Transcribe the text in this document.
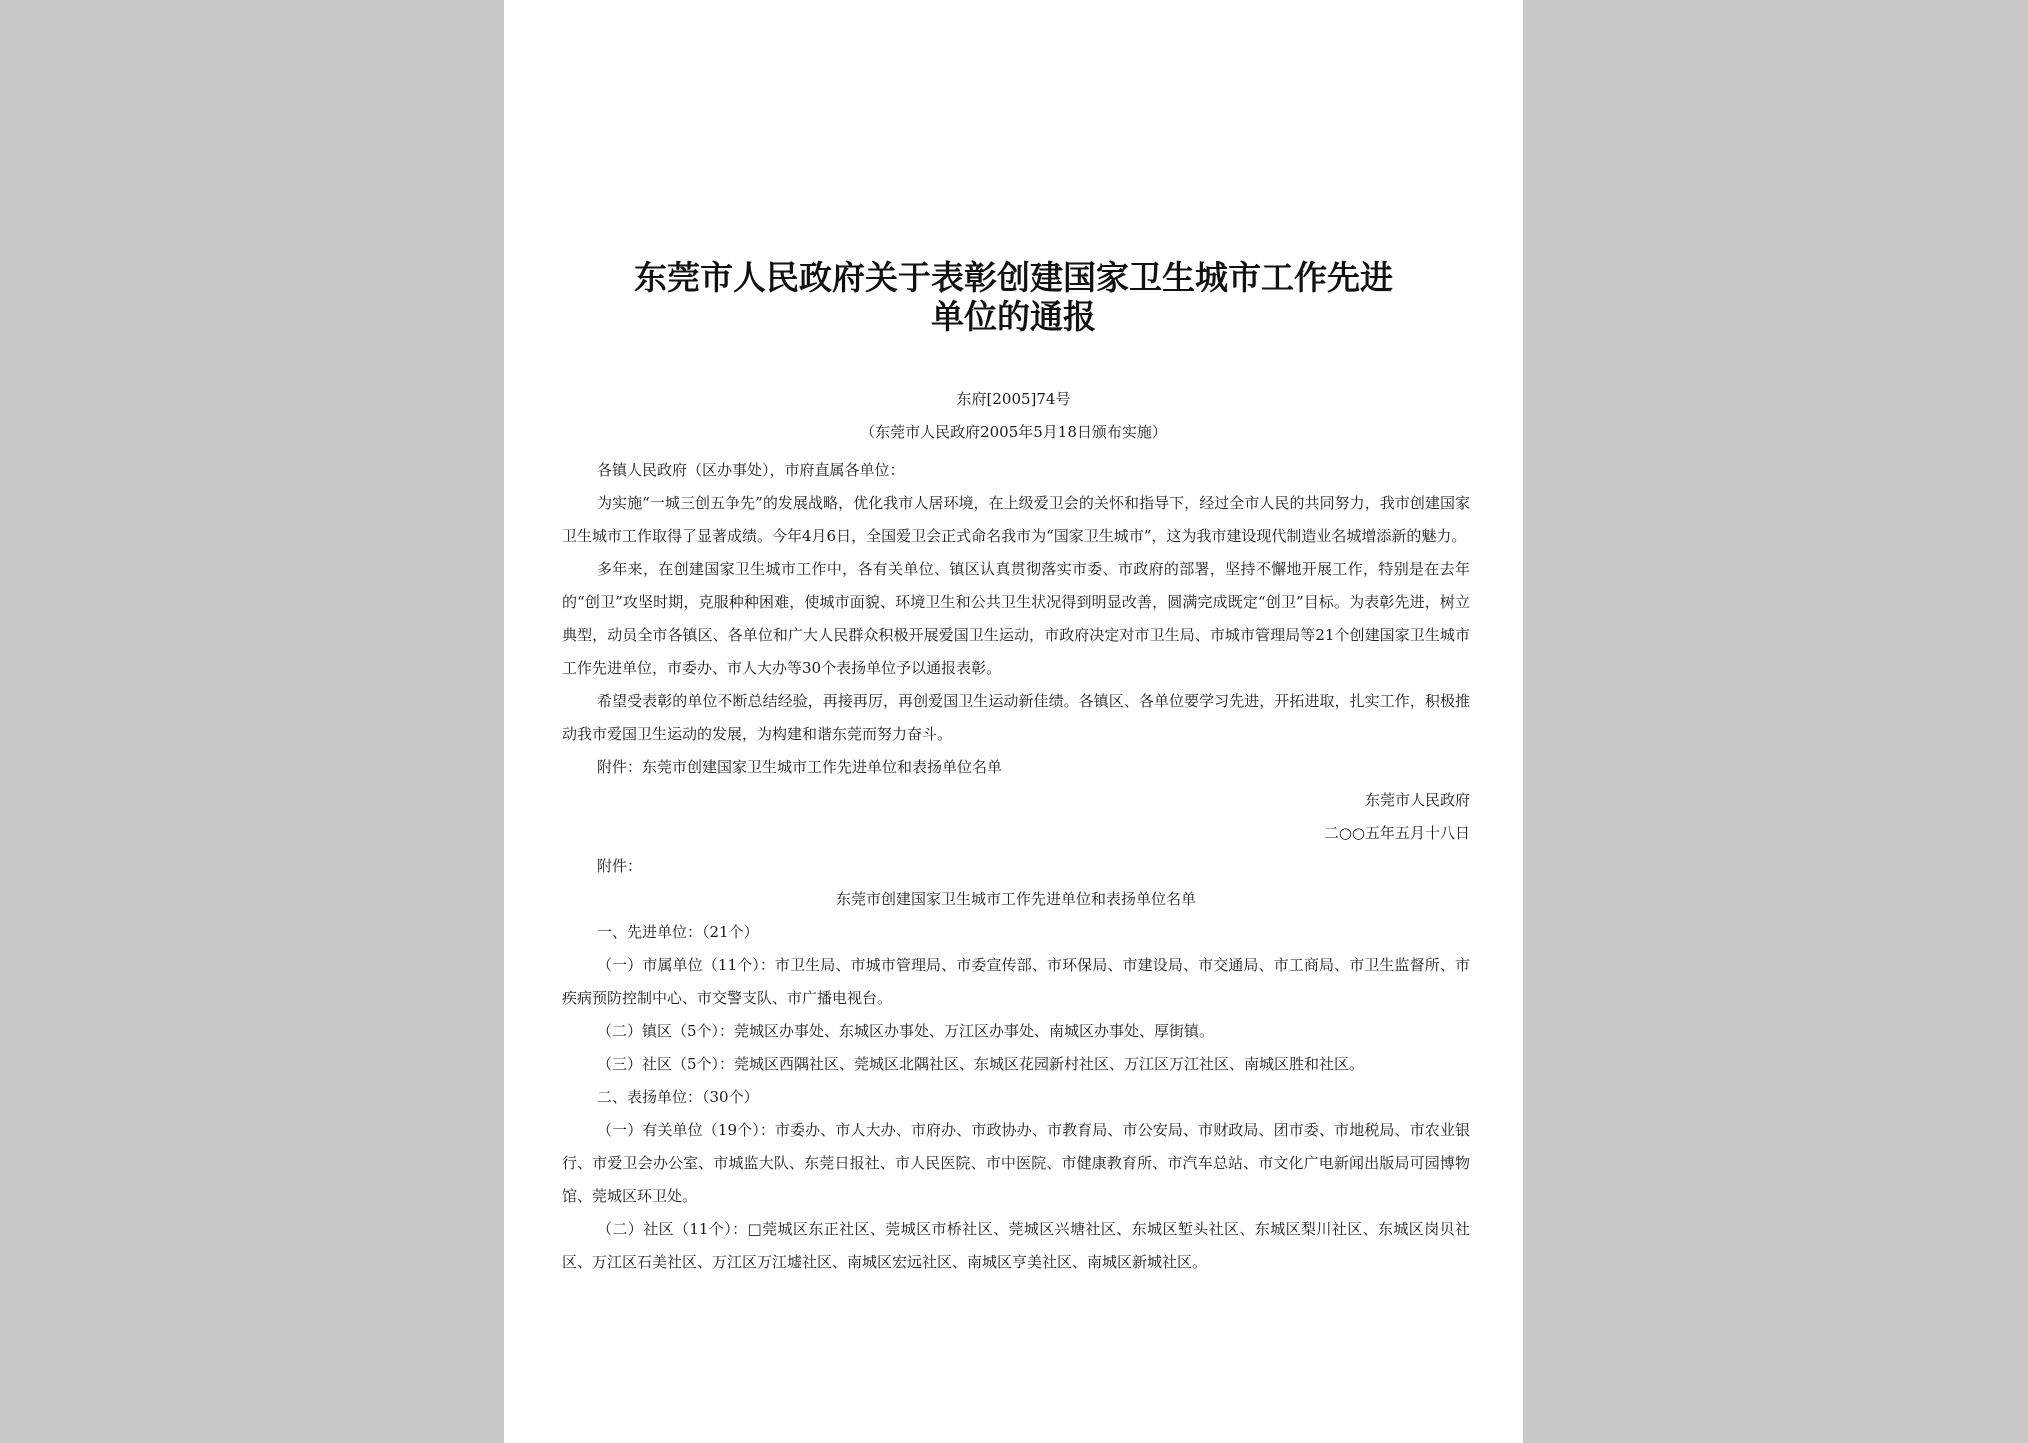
东莞市人民政府关于表彰创建国家卫生城市工作先进
单位的通报
东府[2005]74号
（东莞市人民政府2005年5月18日颁布实施）

各镇人民政府（区办事处），市府直属各单位：

为实施“一城三创五争先”的发展战略，优化我市人居环境，在上级爱卫会的关怀和指导下，经过全市人民的共同努力，我市创建国家卫生城市工作取得了显著成绩。今年4月6日，全国爱卫会正式命名我市为“国家卫生城市”，这为我市建设现代制造业名城增添新的魅力。

多年来，在创建国家卫生城市工作中，各有关单位、镇区认真贯彻落实市委、市政府的部署，坚持不懈地开展工作，特别是在去年的“创卫”攻坚时期，克服种种困难，使城市面貌、环境卫生和公共卫生状况得到明显改善，圆满完成既定“创卫”目标。为表彰先进，树立典型，动员全市各镇区、各单位和广大人民群众积极开展爱国卫生运动，市政府决定对市卫生局、市城市管理局等21个创建国家卫生城市工作先进单位，市委办、市人大办等30个表扬单位予以通报表彰。

希望受表彰的单位不断总结经验，再接再厉，再创爱国卫生运动新佳绩。各镇区、各单位要学习先进，开拓进取，扎实工作，积极推动我市爱国卫生运动的发展，为构建和谐东莞而努力奋斗。

附件：东莞市创建国家卫生城市工作先进单位和表扬单位名单

东莞市人民政府

二○○五年五月十八日

附件：

东莞市创建国家卫生城市工作先进单位和表扬单位名单

一、先进单位：（21个）

（一）市属单位（11个）：市卫生局、市城市管理局、市委宣传部、市环保局、市建设局、市交通局、市工商局、市卫生监督所、市疾病预防控制中心、市交警支队、市广播电视台。

（二）镇区（5个）：莞城区办事处、东城区办事处、万江区办事处、南城区办事处、厚街镇。

（三）社区（5个）：莞城区西隅社区、莞城区北隅社区、东城区花园新村社区、万江区万江社区、南城区胜和社区。

二、表扬单位：（30个）

（一）有关单位（19个）：市委办、市人大办、市府办、市政协办、市教育局、市公安局、市财政局、团市委、市地税局、市农业银行、市爱卫会办公室、市城监大队、东莞日报社、市人民医院、市中医院、市健康教育所、市汽车总站、市文化广电新闻出版局可园博物馆、莞城区环卫处。

（二）社区（11个）：□莞城区东正社区、莞城区市桥社区、莞城区兴塘社区、东城区堑头社区、东城区梨川社区、东城区岗贝社区、万江区石美社区、万江区万江墟社区、南城区宏远社区、南城区亨美社区、南城区新城社区。
